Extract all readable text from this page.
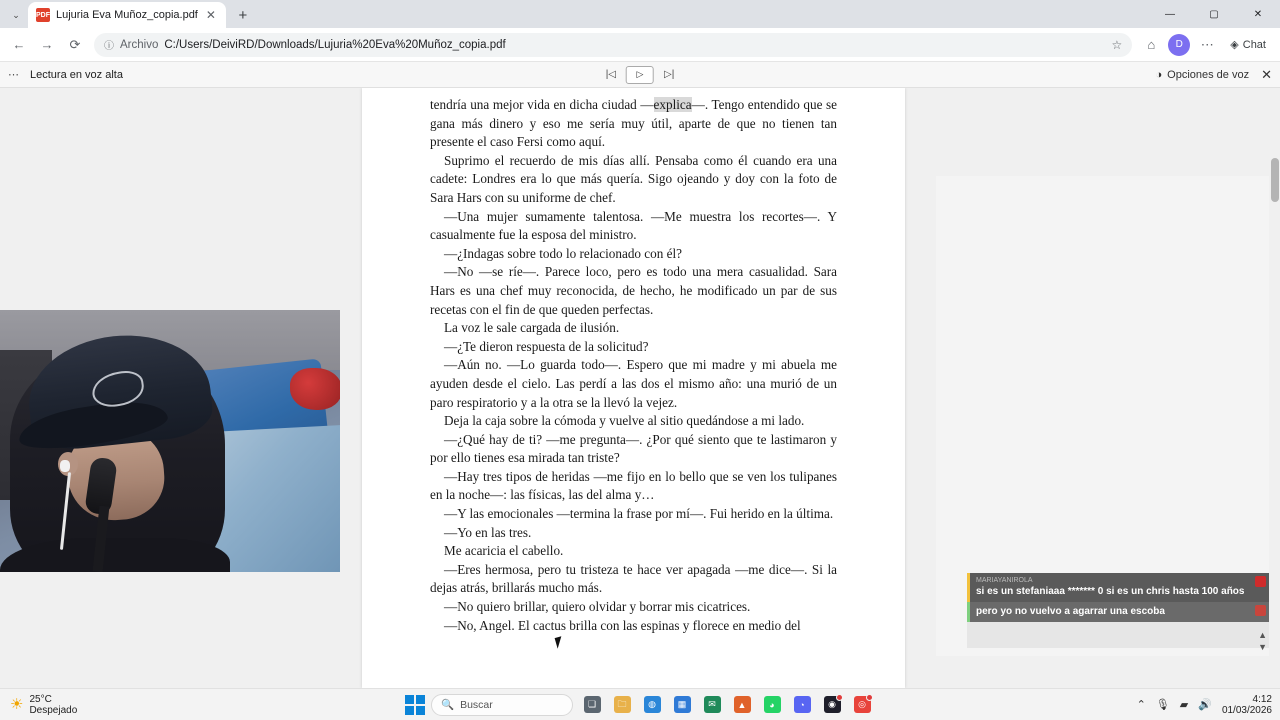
⌄	PDF Lujuria Eva Muñoz_copia.pdf ✕	+	—	▢	✕
←	→	⟳	ⓘ Archivo C:/Users/DeiviRD/Downloads/Lujuria%20Eva%20Muñoz_copia.pdf	☆	⌂	D	⋯	◈ Chat
⋯ Lectura en voz alta	|◁	▷	▷|	◑ Opciones de voz ✕

tendría una mejor vida en dicha ciudad —explica—. Tengo entendido que se gana más dinero y eso me sería muy útil, aparte de que no tienen tan presente el caso Fersi como aquí.

Suprimo el recuerdo de mis días allí. Pensaba como él cuando era una cadete: Londres era lo que más quería. Sigo ojeando y doy con la foto de Sara Hars con su uniforme de chef.

—Una mujer sumamente talentosa. —Me muestra los recortes—. Y casualmente fue la esposa del ministro.

—¿Indagas sobre todo lo relacionado con él?

—No —se ríe—. Parece loco, pero es todo una mera casualidad. Sara Hars es una chef muy reconocida, de hecho, he modificado un par de sus recetas con el fin de que queden perfectas.

La voz le sale cargada de ilusión.

—¿Te dieron respuesta de la solicitud?

—Aún no. —Lo guarda todo—. Espero que mi madre y mi abuela me ayuden desde el cielo. Las perdí a las dos el mismo año: una murió de un paro respiratorio y a la otra se la llevó la vejez.

Deja la caja sobre la cómoda y vuelve al sitio quedándose a mi lado.

—¿Qué hay de ti? —me pregunta—. ¿Por qué siento que te lastimaron y por ello tienes esa mirada tan triste?

—Hay tres tipos de heridas —me fijo en lo bello que se ven los tulipanes en la noche—: las físicas, las del alma y…

—Y las emocionales —termina la frase por mí—. Fui herido en la última.

—Yo en las tres.

Me acaricia el cabello.

—Eres hermosa, pero tu tristeza te hace ver apagada —me dice—. Si la dejas atrás, brillarás mucho más.

—No quiero brillar, quiero olvidar y borrar mis cicatrices.

—No, Angel. El cactus brilla con las espinas y florece en medio del

MARIAYANIROLA
si es un stefaniaaa ******* 0 si es un chris hasta 100 años
pero yo no vuelvo a agarrar una escoba
▲
▼
☀ 25°C
Despejado	🔍 Buscar	❏	🗀	◍	▦	✉	▲	◕	◔	◉	◎	⌃ 🎙 ▰ 🔊	4:12
01/03/2026
